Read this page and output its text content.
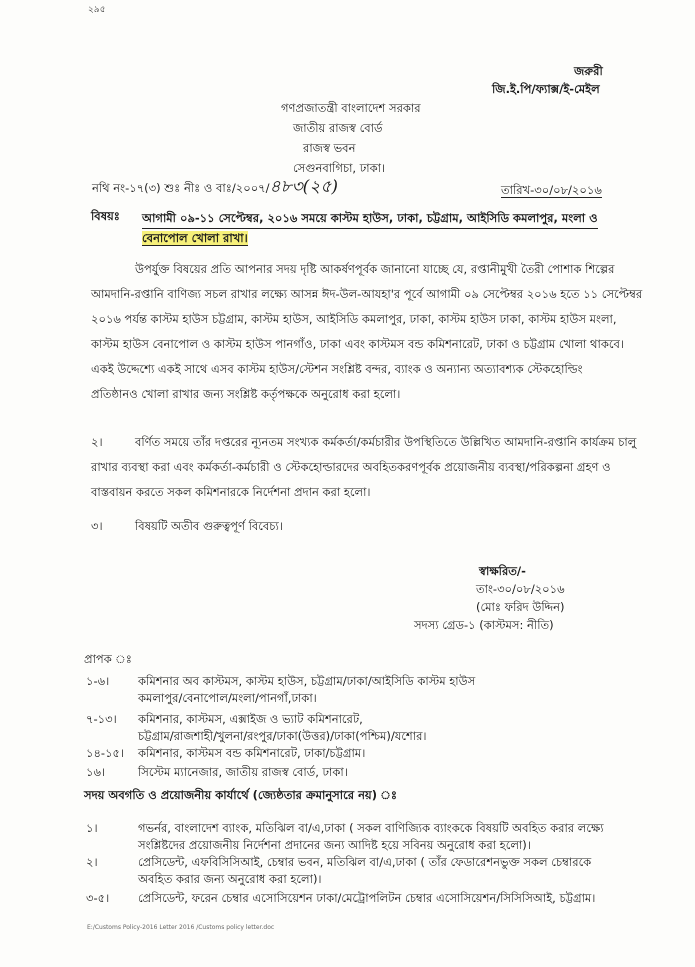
২৯৫
জরুরী
জি.ই.পি/ফ্যাক্স/ই-মেইল
গণপ্রজাতন্ত্রী বাংলাদেশ সরকার
জাতীয় রাজস্ব বোর্ড
রাজস্ব ভবন
সেগুনবাগিচা, ঢাকা।
নথি নং-১৭(৩) শুঃ নীঃ ও বাঃ/২০০৭/৪৮৩(২৫)	তারিখ-৩০/০৮/২০১৬
বিষয়ঃ আগামী ০৯-১১ সেপ্টেম্বর, ২০১৬ সময়ে কাস্টম হাউস, ঢাকা, চট্টগ্রাম, আইসিডি কমলাপুর, মংলা ও
বেনাপোল খোলা রাখা।
উপর্যুক্ত বিষয়ের প্রতি আপনার সদয় দৃষ্টি আকর্ষণপূর্বক জানানো যাচ্ছে যে, রপ্তানীমুখী তৈরী পোশাক শিল্পের
আমদানি-রপ্তানি বাণিজ্য সচল রাখার লক্ষ্যে আসন্ন ঈদ-উল-আযহা'র পূর্বে আগামী ০৯ সেপ্টেম্বর ২০১৬ হতে ১১ সেপ্টেম্বর
২০১৬ পর্যন্ত কাস্টম হাউস চট্টগ্রাম, কাস্টম হাউস, আইসিডি কমলাপুর, ঢাকা, কাস্টম হাউস ঢাকা, কাস্টম হাউস মংলা,
কাস্টম হাউস বেনাপোল ও কাস্টম হাউস পানগাঁও, ঢাকা এবং কাস্টমস বন্ড কমিশনারেট, ঢাকা ও চট্টগ্রাম খোলা থাকবে।
একই উদ্দেশ্যে একই সাথে এসব কাস্টম হাউস/স্টেশন সংশ্লিষ্ট বন্দর, ব্যাংক ও অন্যান্য অত্যাবশ্যক স্টেকহোল্ডিং
প্রতিষ্ঠানও খোলা রাখার জন্য সংশ্লিষ্ট কর্তৃপক্ষকে অনুরোধ করা হলো।
২।	বর্ণিত সময়ে তাঁর দপ্তরের ন্যূনতম সংখ্যক কর্মকর্তা/কর্মচারীর উপস্থিতিতে উল্লিখিত আমদানি-রপ্তানি কার্যক্রম চালু
রাখার ব্যবস্থা করা এবং কর্মকর্তা-কর্মচারী ও স্টেকহোল্ডারদের অবহিতকরণপূর্বক প্রয়োজনীয় ব্যবস্থা/পরিকল্পনা গ্রহণ ও
বাস্তবায়ন করতে সকল কমিশনারকে নির্দেশনা প্রদান করা হলো।
৩।	বিষয়টি অতীব গুরুত্বপূর্ণ বিবেচ্য।
স্বাক্ষরিত/-
তাং-৩০/০৮/২০১৬
(মোঃ ফরিদ উদ্দিন)
সদস্য গ্রেড-১ (কাস্টমস: নীতি)
প্রাপক ঃ
১-৬।	কমিশনার অব কাস্টমস, কাস্টম হাউস, চট্টগ্রাম/ঢাকা/আইসিডি কাস্টম হাউস
কমলাপুর/বেনাপোল/মংলা/পানগাঁ,ঢাকা।
৭-১৩।	কমিশনার, কাস্টমস, এক্সাইজ ও ভ্যাট কমিশনারেট,
চট্টগ্রাম/রাজশাহী/খুলনা/রংপুর/ঢাকা(উত্তর)/ঢাকা(পশ্চিম)/যশোর।
১৪-১৫।	কমিশনার, কাস্টমস বন্ড কমিশনারেট, ঢাকা/চট্টগ্রাম।
১৬।	সিস্টেম ম্যানেজার, জাতীয় রাজস্ব বোর্ড, ঢাকা।
সদয় অবগতি ও প্রয়োজনীয় কার্যার্থে (জ্যেষ্ঠতার ক্রমানুসারে নয়) ঃ
১।	গভর্নর, বাংলাদেশ ব্যাংক, মতিঝিল বা/এ,ঢাকা ( সকল বাণিজ্যিক ব্যাংককে বিষয়টি অবহিত করার লক্ষ্যে
সংশ্লিষ্টদের প্রয়োজনীয় নির্দেশনা প্রদানের জন্য আদিষ্ট হয়ে সবিনয় অনুরোধ করা হলো)।
২।	প্রেসিডেন্ট, এফবিসিসিআই, চেম্বার ভবন, মতিঝিল বা/এ,ঢাকা ( তাঁর ফেডারেশনভুক্ত সকল চেম্বারকে
অবহিত করার জন্য অনুরোধ করা হলো)।
৩-৫।	প্রেসিডেন্ট, ফরেন চেম্বার এসোসিয়েশন ঢাকা/মেট্রোপলিটন চেম্বার এসোসিয়েশন/সিসিসিআই, চট্টগ্রাম।
E:/Customs Policy-2016 Letter 2016 /Customs policy letter.doc
